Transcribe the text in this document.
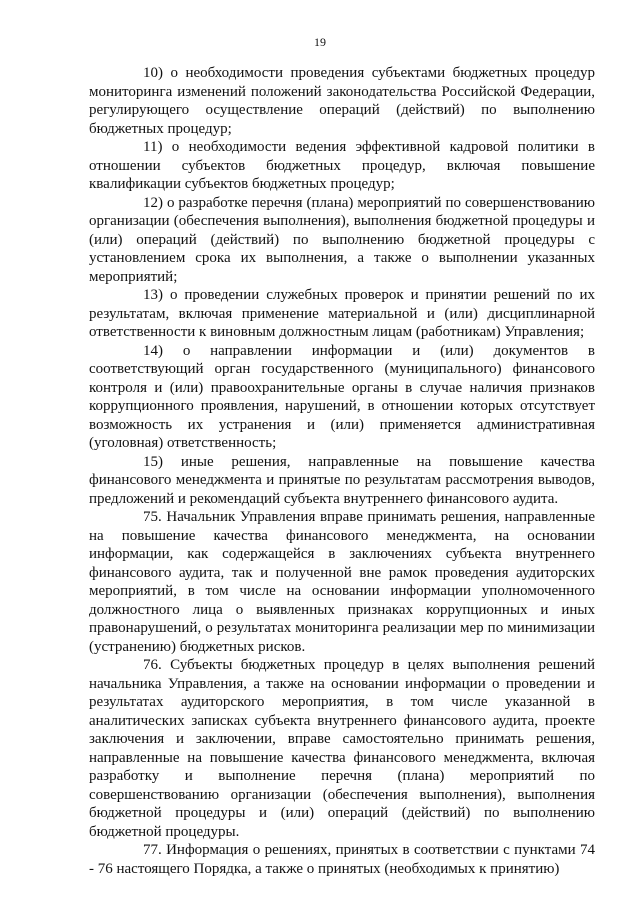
19

10) о необходимости проведения субъектами бюджетных процедур мониторинга изменений положений законодательства Российской Федерации, регулирующего осуществление операций (действий) по выполнению бюджетных процедур;

11) о необходимости ведения эффективной кадровой политики в отношении субъектов бюджетных процедур, включая повышение квалификации субъектов бюджетных процедур;

12) о разработке перечня (плана) мероприятий по совершенствованию организации (обеспечения выполнения), выполнения бюджетной процедуры и (или) операций (действий) по выполнению бюджетной процедуры с установлением срока их выполнения, а также о выполнении указанных мероприятий;

13) о проведении служебных проверок и принятии решений по их результатам, включая применение материальной и (или) дисциплинарной ответственности к виновным должностным лицам (работникам) Управления;

14) о направлении информации и (или) документов в соответствующий орган государственного (муниципального) финансового контроля и (или) правоохранительные органы в случае наличия признаков коррупционного проявления, нарушений, в отношении которых отсутствует возможность их устранения и (или) применяется административная (уголовная) ответственность;

15) иные решения, направленные на повышение качества финансового менеджмента и принятые по результатам рассмотрения выводов, предложений и рекомендаций субъекта внутреннего финансового аудита.

75. Начальник Управления вправе принимать решения, направленные на повышение качества финансового менеджмента, на основании информации, как содержащейся в заключениях субъекта внутреннего финансового аудита, так и полученной вне рамок проведения аудиторских мероприятий, в том числе на основании информации уполномоченного должностного лица о выявленных признаках коррупционных и иных правонарушений, о результатах мониторинга реализации мер по минимизации (устранению) бюджетных рисков.

76. Субъекты бюджетных процедур в целях выполнения решений начальника Управления, а также на основании информации о проведении и результатах аудиторского мероприятия, в том числе указанной в аналитических записках субъекта внутреннего финансового аудита, проекте заключения и заключении, вправе самостоятельно принимать решения, направленные на повышение качества финансового менеджмента, включая разработку и выполнение перечня (плана) мероприятий по совершенствованию организации (обеспечения выполнения), выполнения бюджетной процедуры и (или) операций (действий) по выполнению бюджетной процедуры.

77. Информация о решениях, принятых в соответствии с пунктами 74 - 76 настоящего Порядка, а также о принятых (необходимых к принятию)
